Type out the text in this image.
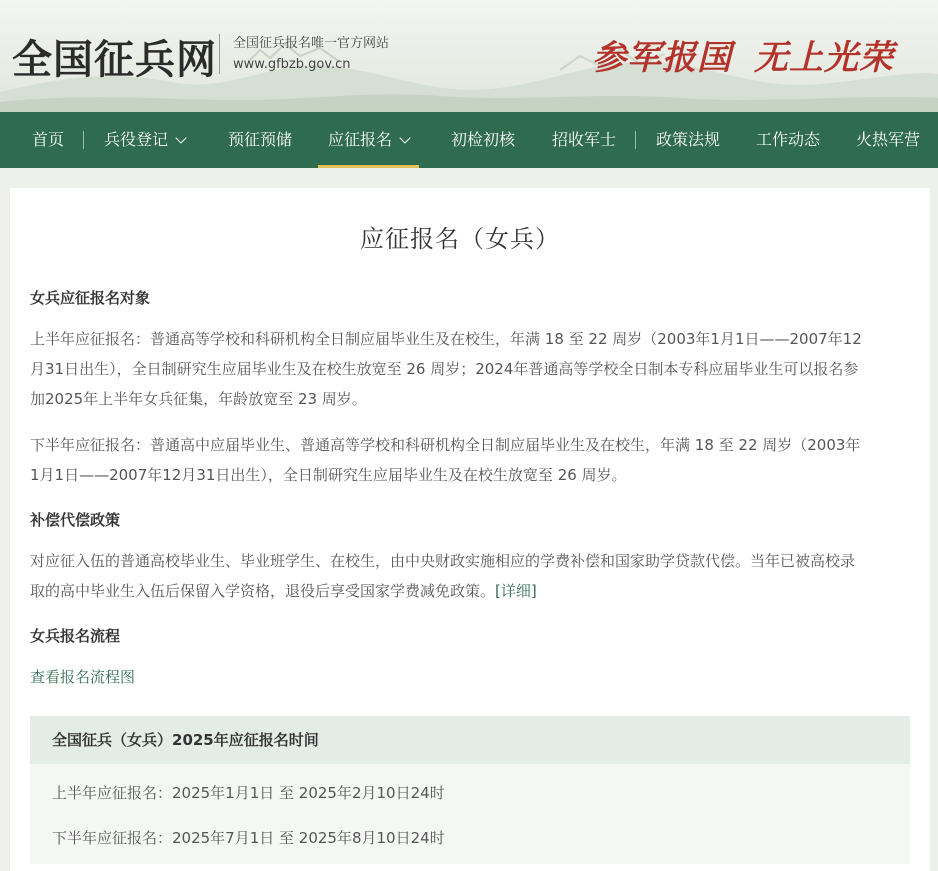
全国征兵网 全国征兵报名唯一官方网站
www.gfbzb.gov.cn	参军报国 无上光荣
首页 兵役登记	预征预储 应征报名	初检初核 招收军士 政策法规 工作动态 火热军营
应征报名（女兵）
女兵应征报名对象
上半年应征报名：普通高等学校和科研机构全日制应届毕业生及在校生，年满 18 至 22 周岁（2003年1月1日——2007年12
月31日出生），全日制研究生应届毕业生及在校生放宽至 26 周岁；2024年普通高等学校全日制本专科应届毕业生可以报名参
加2025年上半年女兵征集，年龄放宽至 23 周岁。
下半年应征报名：普通高中应届毕业生、普通高等学校和科研机构全日制应届毕业生及在校生，年满 18 至 22 周岁（2003年
1月1日——2007年12月31日出生），全日制研究生应届毕业生及在校生放宽至 26 周岁。
补偿代偿政策
对应征入伍的普通高校毕业生、毕业班学生、在校生，由中央财政实施相应的学费补偿和国家助学贷款代偿。当年已被高校录
取的高中毕业生入伍后保留入学资格，退役后享受国家学费减免政策。[详细]
女兵报名流程
查看报名流程图
全国征兵（女兵）2025年应征报名时间
上半年应征报名：2025年1月1日 至 2025年2月10日24时
下半年应征报名：2025年7月1日 至 2025年8月10日24时
